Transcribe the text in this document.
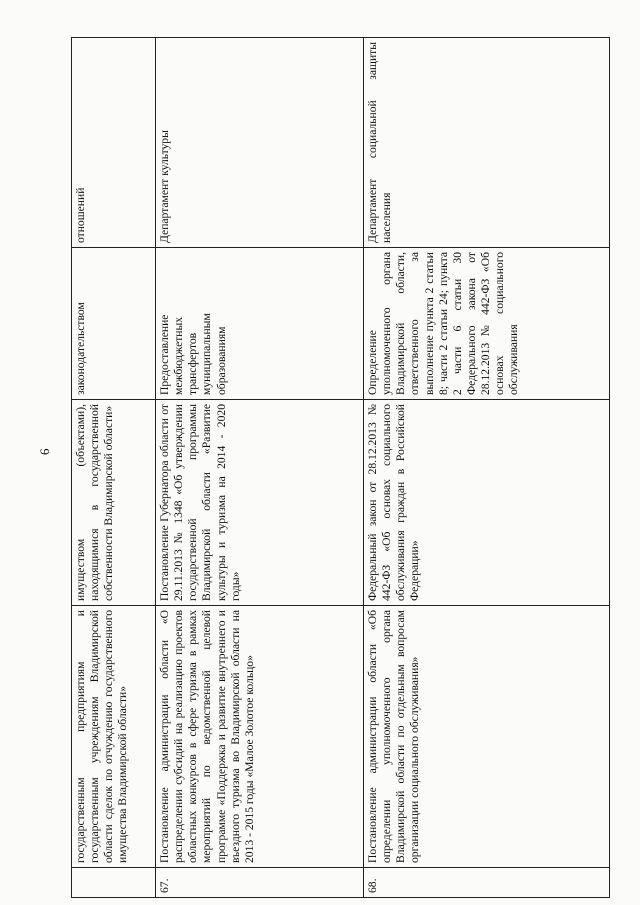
6
	государственным предприятиям и государственным учреждениям Владимирской области сделок по отчуждению государственного имущества Владимирской области»	имуществом (объектами), находящимися в государственной собственности Владимирской области»	законодательством	отношений
67.	Постановление администрации области «О распределении субсидий на реализацию проектов областных конкурсов в сфере туризма в рамках мероприятий по ведомственной целевой программе «Поддержка и развитие внутреннего и въездного туризма во Владимирской области на 2013 - 2015 годы «Малое Золотое кольцо»	Постановление Губернатора области от 29.11.2013 № 1348 «Об утверждении государственной программы Владимирской области «Развитие культуры и туризма на 2014 - 2020 годы»	Предоставление межбюджетных трансфертов муниципальным образованиям	Департамент культуры
68.	Постановление администрации области «Об определении уполномоченного органа Владимирской области по отдельным вопросам организации социального обслуживания»	Федеральный закон от 28.12.2013 № 442-ФЗ «Об основах социального обслуживания граждан в Российской Федерации»	Определение уполномоченного органа Владимирской области, ответственного за выполнение пункта 2 статьи 8; части 2 статьи 24; пункта 2 части 6 статьи 30 Федерального закона от 28.12.2013 № 442-ФЗ «Об основах социального обслуживания	Департамент социальной защиты населения
